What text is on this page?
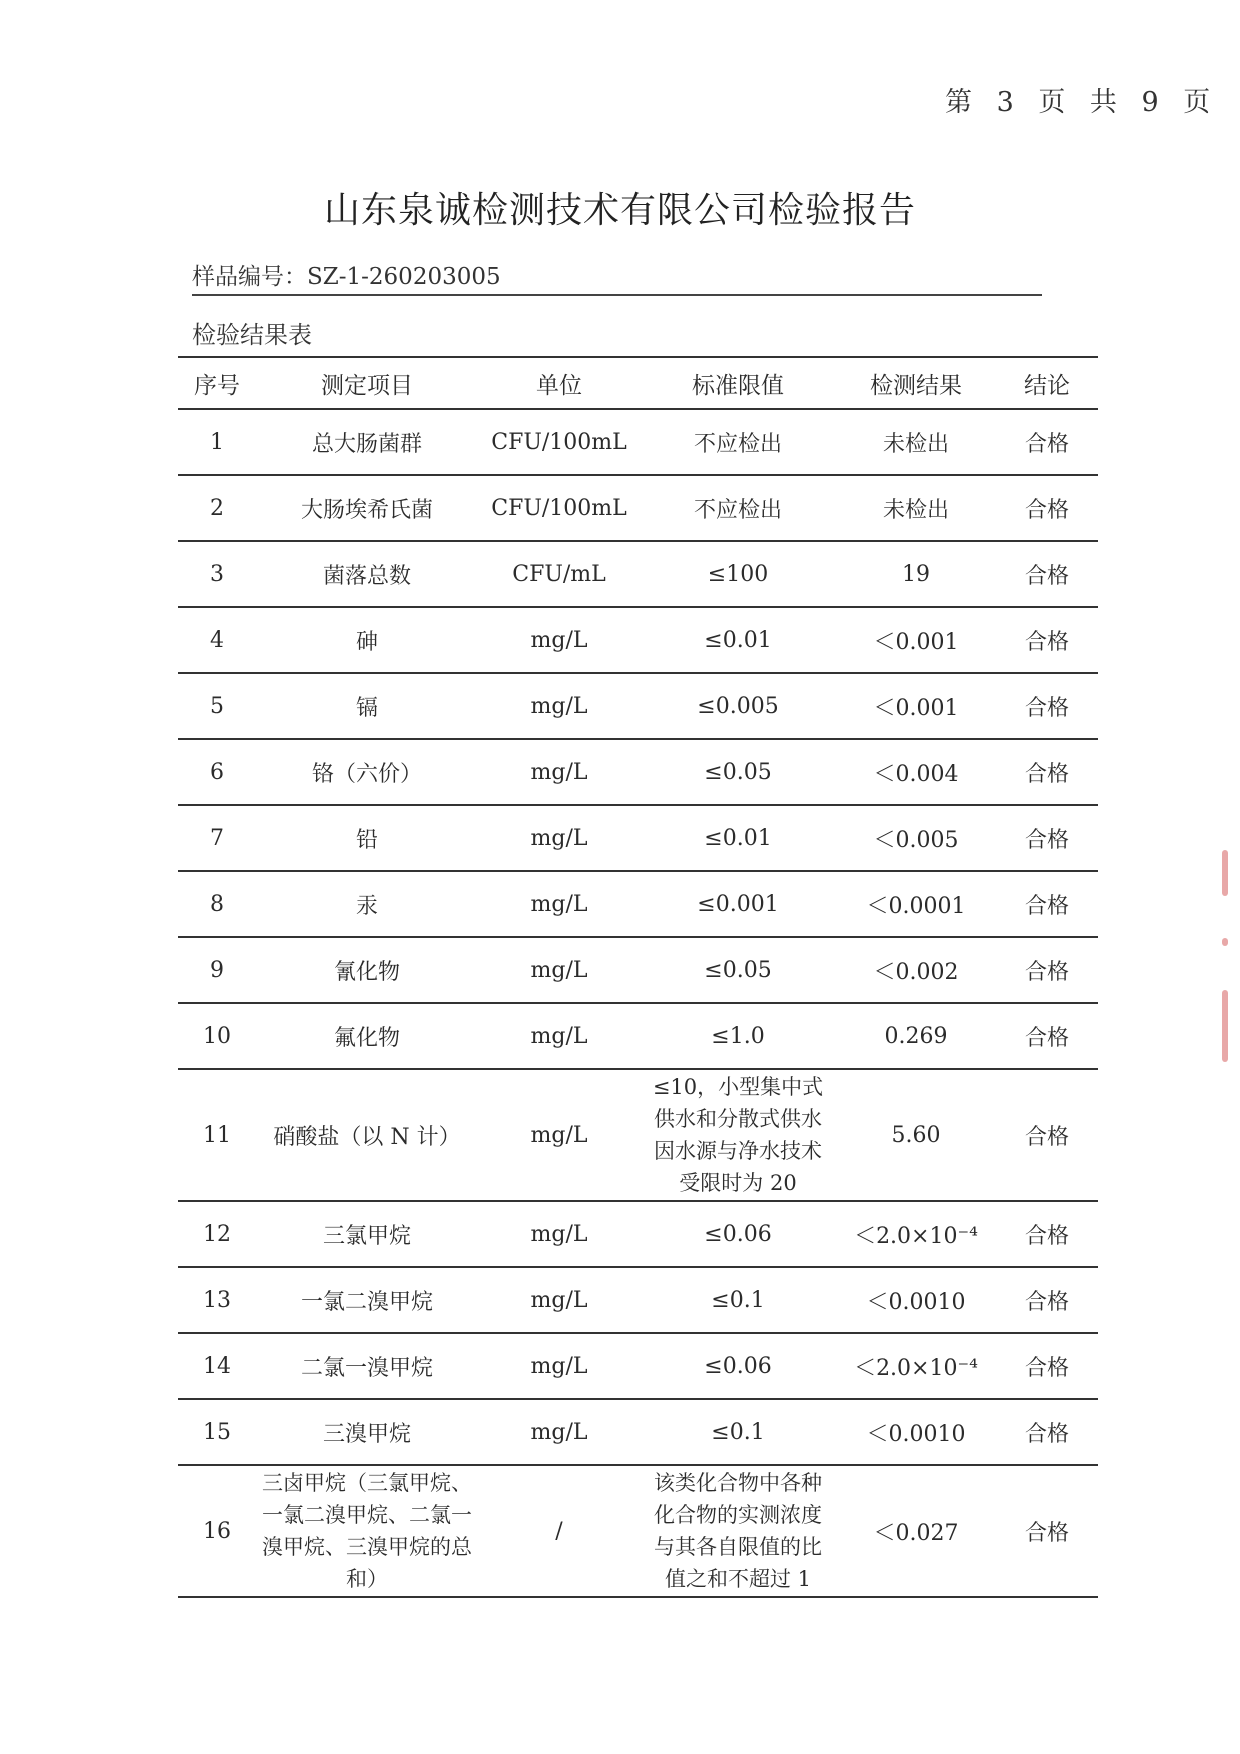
第 3 页 共 9 页
山东泉诚检测技术有限公司检验报告
样品编号：SZ-1-260203005
检验结果表
序号	测定项目	单位	标准限值	检测结果	结论
1	总大肠菌群	CFU/100mL	不应检出	未检出	合格
2	大肠埃希氏菌	CFU/100mL	不应检出	未检出	合格
3	菌落总数	CFU/mL	≤100	19	合格
4	砷	mg/L	≤0.01	＜0.001	合格
5	镉	mg/L	≤0.005	＜0.001	合格
6	铬（六价）	mg/L	≤0.05	＜0.004	合格
7	铅	mg/L	≤0.01	＜0.005	合格
8	汞	mg/L	≤0.001	＜0.0001	合格
9	氰化物	mg/L	≤0.05	＜0.002	合格
10	氟化物	mg/L	≤1.0	0.269	合格
11	硝酸盐（以 N 计）	mg/L	≤10，小型集中式供水和分散式供水因水源与净水技术受限时为 20	5.60	合格
12	三氯甲烷	mg/L	≤0.06	＜2.0×10⁻⁴	合格
13	一氯二溴甲烷	mg/L	≤0.1	＜0.0010	合格
14	二氯一溴甲烷	mg/L	≤0.06	＜2.0×10⁻⁴	合格
15	三溴甲烷	mg/L	≤0.1	＜0.0010	合格
16	三卤甲烷（三氯甲烷、一氯二溴甲烷、二氯一溴甲烷、三溴甲烷的总和）	/	该类化合物中各种化合物的实测浓度与其各自限值的比值之和不超过 1	＜0.027	合格
